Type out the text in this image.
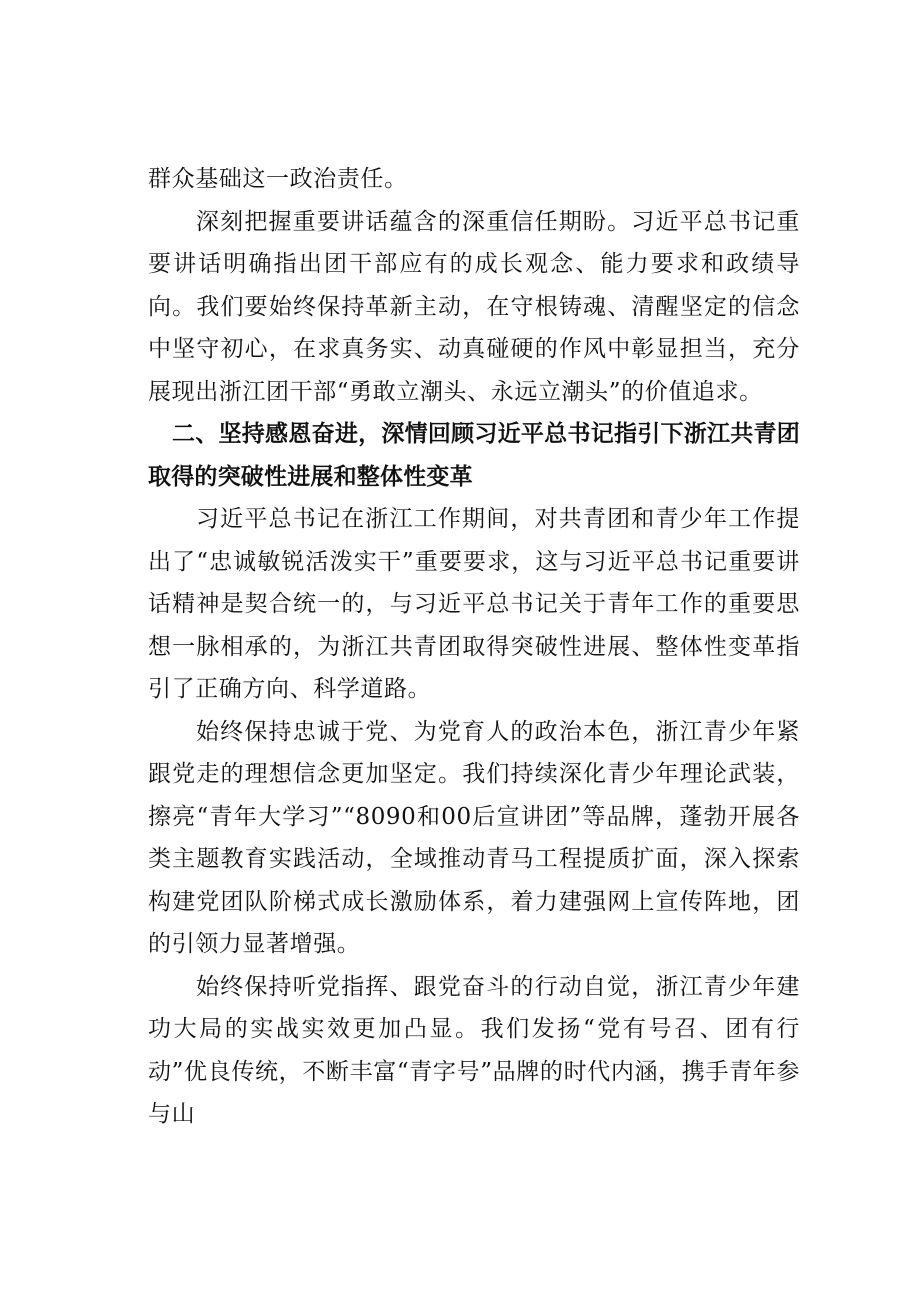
群众基础这一政治责任。

深刻把握重要讲话蕴含的深重信任期盼。习近平总书记重要讲话明确指出团干部应有的成长观念、能力要求和政绩导向。我们要始终保持革新主动，在守根铸魂、清醒坚定的信念中坚守初心，在求真务实、动真碰硬的作风中彰显担当，充分展现出浙江团干部“勇敢立潮头、永远立潮头”的价值追求。

二、坚持感恩奋进，深情回顾习近平总书记指引下浙江共青团取得的突破性进展和整体性变革

习近平总书记在浙江工作期间，对共青团和青少年工作提出了“忠诚敏锐活泼实干”重要要求，这与习近平总书记重要讲话精神是契合统一的，与习近平总书记关于青年工作的重要思想一脉相承的，为浙江共青团取得突破性进展、整体性变革指引了正确方向、科学道路。

始终保持忠诚于党、为党育人的政治本色，浙江青少年紧跟党走的理想信念更加坚定。我们持续深化青少年理论武装，擦亮“青年大学习”“8090和00后宣讲团”等品牌，蓬勃开展各类主题教育实践活动，全域推动青马工程提质扩面，深入探索构建党团队阶梯式成长激励体系，着力建强网上宣传阵地，团的引领力显著增强。

始终保持听党指挥、跟党奋斗的行动自觉，浙江青少年建功大局的实战实效更加凸显。我们发扬“党有号召、团有行动”优良传统，不断丰富“青字号”品牌的时代内涵，携手青年参与山
